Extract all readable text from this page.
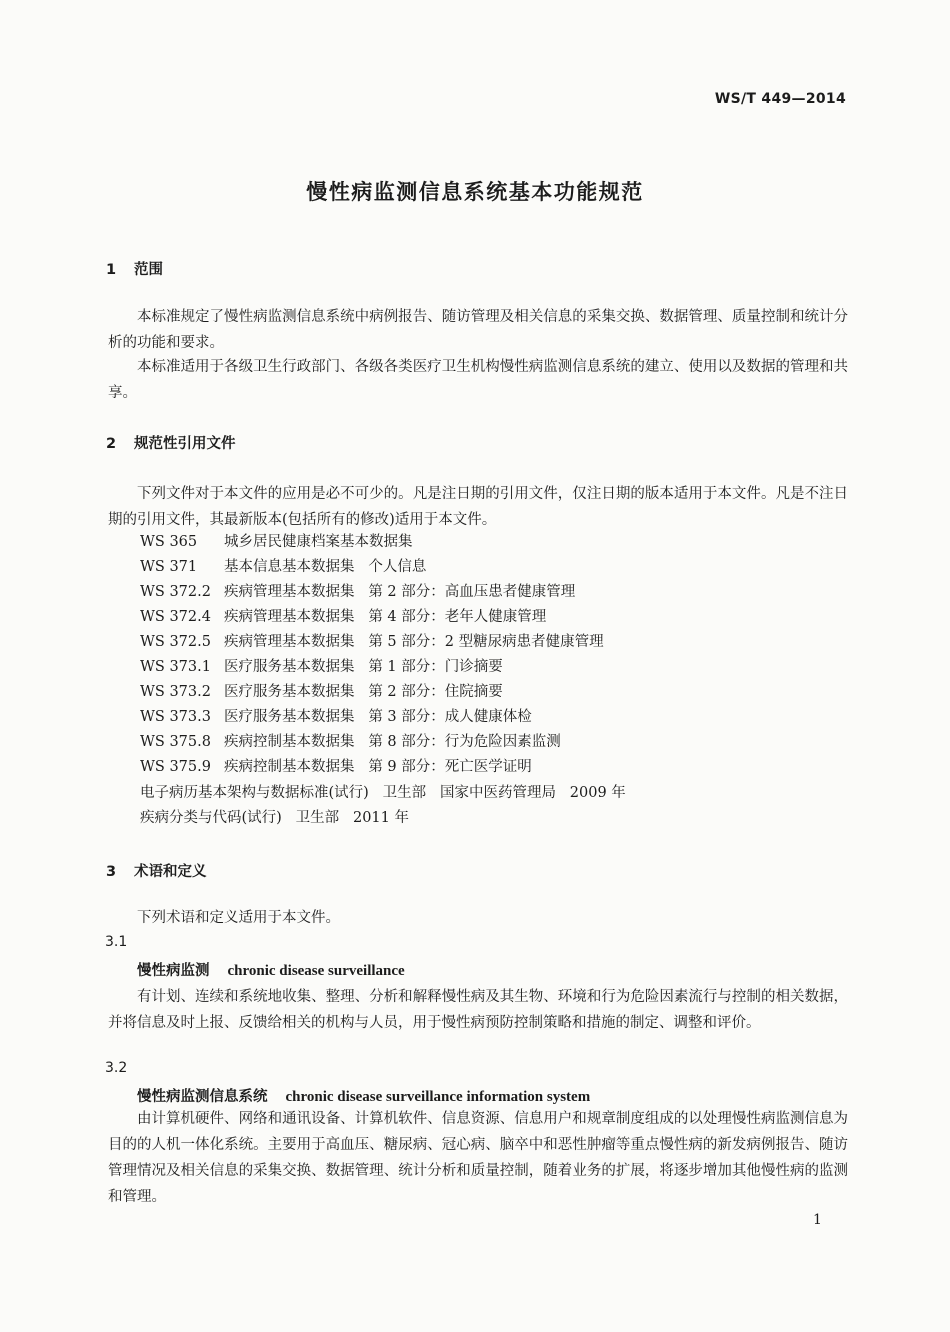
WS/T 449—2014
慢性病监测信息系统基本功能规范
1 范围

本标准规定了慢性病监测信息系统中病例报告、随访管理及相关信息的采集交换、数据管理、质量控制和统计分析的功能和要求。

本标准适用于各级卫生行政部门、各级各类医疗卫生机构慢性病监测信息系统的建立、使用以及数据的管理和共享。

2 规范性引用文件

下列文件对于本文件的应用是必不可少的。凡是注日期的引用文件，仅注日期的版本适用于本文件。凡是不注日期的引用文件，其最新版本(包括所有的修改)适用于本文件。

WS 365 城乡居民健康档案基本数据集
WS 371 基本信息基本数据集   个人信息
WS 372.2 疾病管理基本数据集   第 2 部分：高血压患者健康管理
WS 372.4 疾病管理基本数据集   第 4 部分：老年人健康管理
WS 372.5 疾病管理基本数据集   第 5 部分：2 型糖尿病患者健康管理
WS 373.1 医疗服务基本数据集   第 1 部分：门诊摘要
WS 373.2 医疗服务基本数据集   第 2 部分：住院摘要
WS 373.3 医疗服务基本数据集   第 3 部分：成人健康体检
WS 375.8 疾病控制基本数据集   第 8 部分：行为危险因素监测
WS 375.9 疾病控制基本数据集   第 9 部分：死亡医学证明
电子病历基本架构与数据标准(试行)   卫生部   国家中医药管理局   2009 年
疾病分类与代码(试行)   卫生部   2011 年
3 术语和定义

下列术语和定义适用于本文件。

3.1
慢性病监测 chronic disease surveillance

有计划、连续和系统地收集、整理、分析和解释慢性病及其生物、环境和行为危险因素流行与控制的相关数据，并将信息及时上报、反馈给相关的机构与人员，用于慢性病预防控制策略和措施的制定、调整和评价。

3.2
慢性病监测信息系统 chronic disease surveillance information system

由计算机硬件、网络和通讯设备、计算机软件、信息资源、信息用户和规章制度组成的以处理慢性病监测信息为目的的人机一体化系统。主要用于高血压、糖尿病、冠心病、脑卒中和恶性肿瘤等重点慢性病的新发病例报告、随访管理情况及相关信息的采集交换、数据管理、统计分析和质量控制，随着业务的扩展，将逐步增加其他慢性病的监测和管理。

1
